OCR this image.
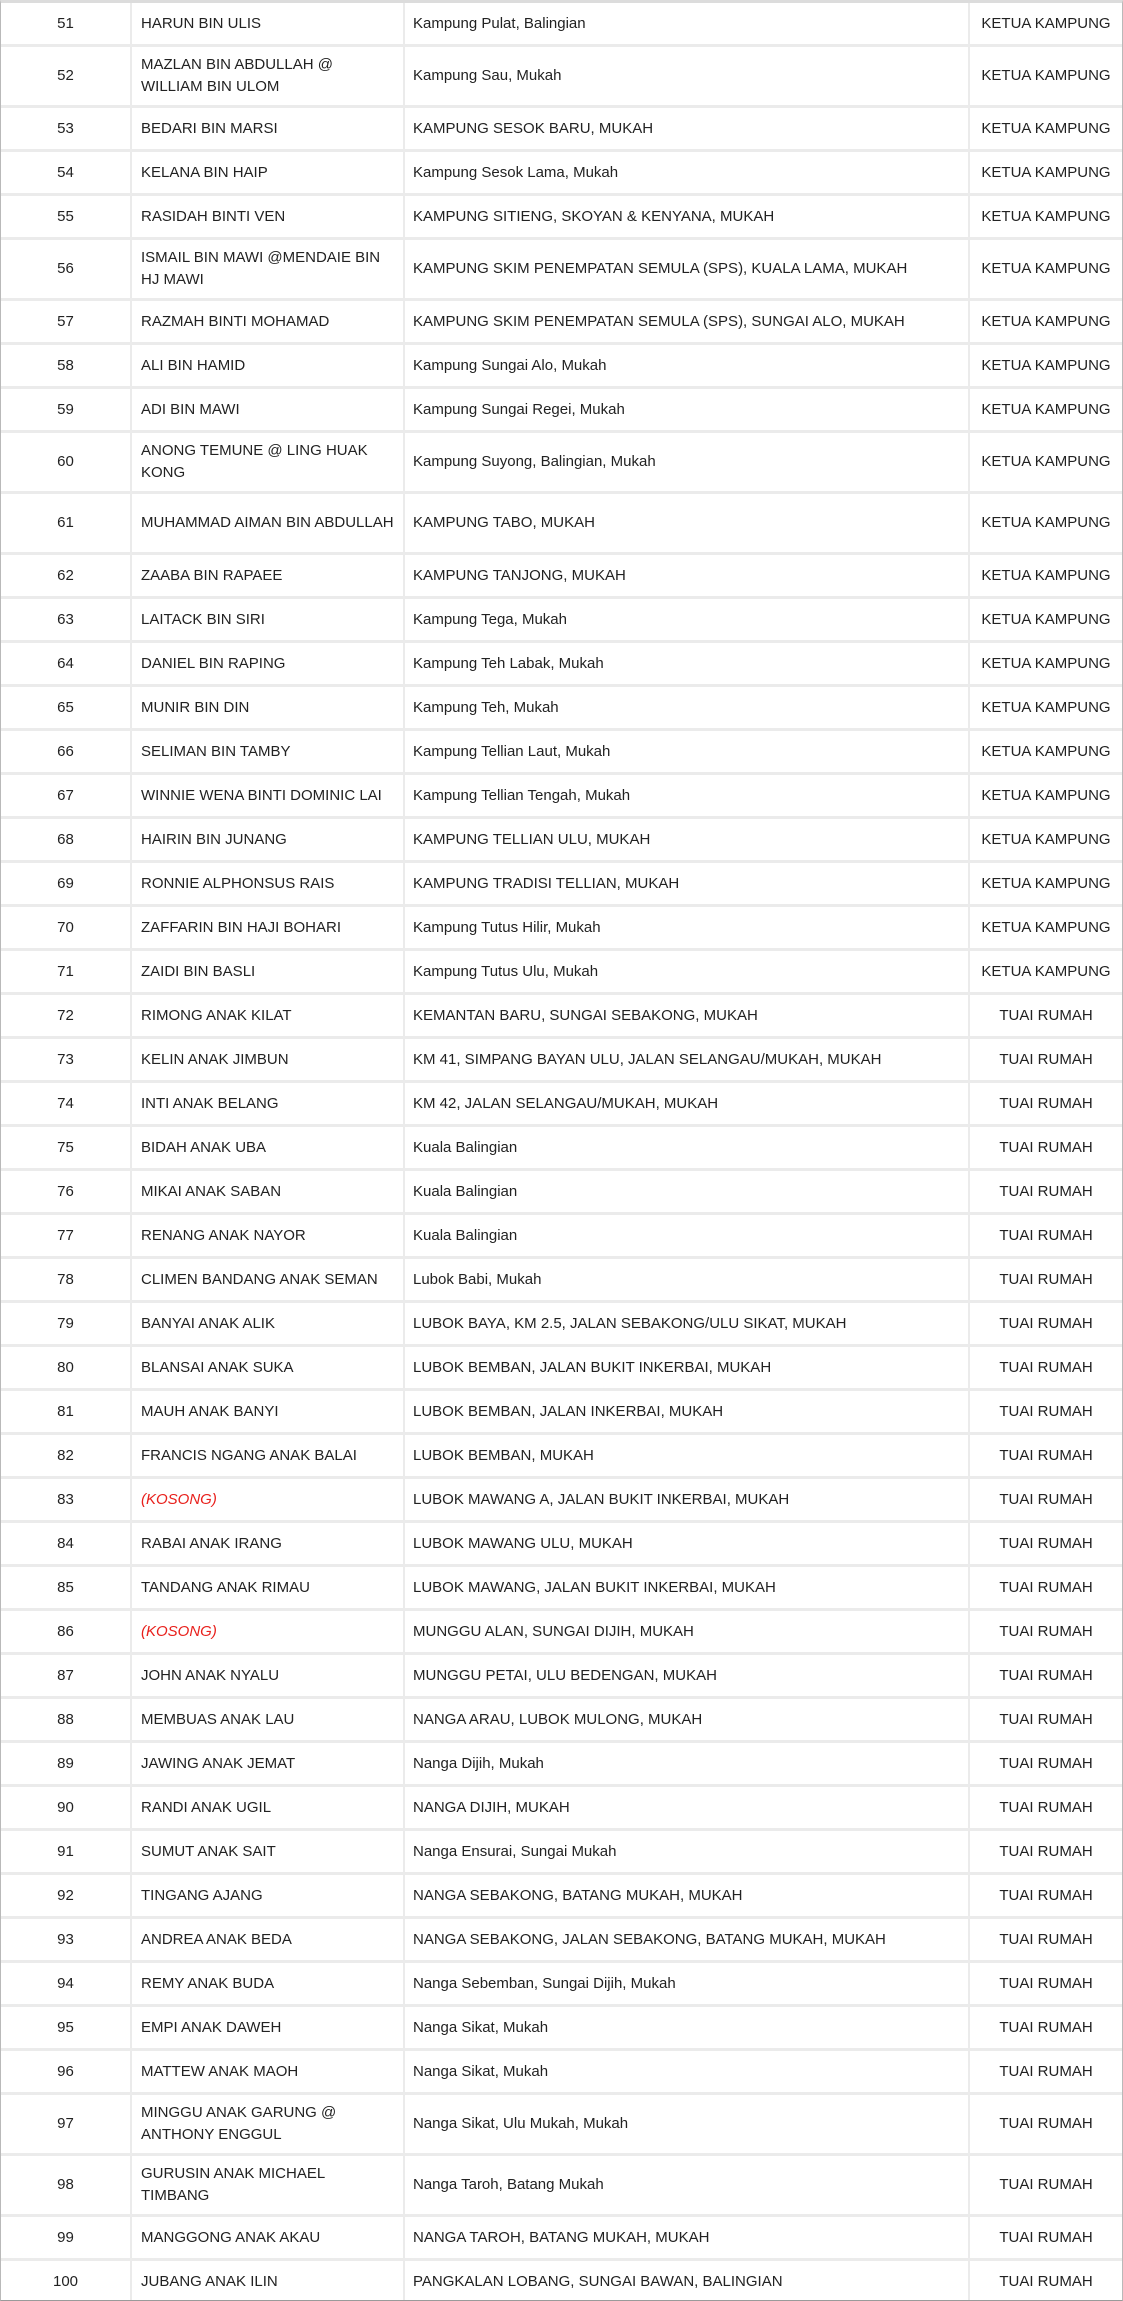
51	HARUN BIN ULIS	Kampung Pulat, Balingian	KETUA KAMPUNG
52	MAZLAN BIN ABDULLAH @ WILLIAM BIN ULOM	Kampung Sau, Mukah	KETUA KAMPUNG
53	BEDARI BIN MARSI	KAMPUNG SESOK BARU, MUKAH	KETUA KAMPUNG
54	KELANA BIN HAIP	Kampung Sesok Lama, Mukah	KETUA KAMPUNG
55	RASIDAH BINTI VEN	KAMPUNG SITIENG, SKOYAN & KENYANA, MUKAH	KETUA KAMPUNG
56	ISMAIL BIN MAWI @MENDAIE BIN HJ MAWI	KAMPUNG SKIM PENEMPATAN SEMULA (SPS), KUALA LAMA, MUKAH	KETUA KAMPUNG
57	RAZMAH BINTI MOHAMAD	KAMPUNG SKIM PENEMPATAN SEMULA (SPS), SUNGAI ALO, MUKAH	KETUA KAMPUNG
58	ALI BIN HAMID	Kampung Sungai Alo, Mukah	KETUA KAMPUNG
59	ADI BIN MAWI	Kampung Sungai Regei, Mukah	KETUA KAMPUNG
60	ANONG TEMUNE @ LING HUAK KONG	Kampung Suyong, Balingian, Mukah	KETUA KAMPUNG
61	MUHAMMAD AIMAN BIN ABDULLAH	KAMPUNG TABO, MUKAH	KETUA KAMPUNG
62	ZAABA BIN RAPAEE	KAMPUNG TANJONG, MUKAH	KETUA KAMPUNG
63	LAITACK BIN SIRI	Kampung Tega, Mukah	KETUA KAMPUNG
64	DANIEL BIN RAPING	Kampung Teh Labak, Mukah	KETUA KAMPUNG
65	MUNIR BIN DIN	Kampung Teh, Mukah	KETUA KAMPUNG
66	SELIMAN BIN TAMBY	Kampung Tellian Laut, Mukah	KETUA KAMPUNG
67	WINNIE WENA BINTI DOMINIC LAI	Kampung Tellian Tengah, Mukah	KETUA KAMPUNG
68	HAIRIN BIN JUNANG	KAMPUNG TELLIAN ULU, MUKAH	KETUA KAMPUNG
69	RONNIE ALPHONSUS RAIS	KAMPUNG TRADISI TELLIAN, MUKAH	KETUA KAMPUNG
70	ZAFFARIN BIN HAJI BOHARI	Kampung Tutus Hilir, Mukah	KETUA KAMPUNG
71	ZAIDI BIN BASLI	Kampung Tutus Ulu, Mukah	KETUA KAMPUNG
72	RIMONG ANAK KILAT	KEMANTAN BARU, SUNGAI SEBAKONG, MUKAH	TUAI RUMAH
73	KELIN ANAK JIMBUN	KM 41, SIMPANG BAYAN ULU, JALAN SELANGAU/MUKAH, MUKAH	TUAI RUMAH
74	INTI ANAK BELANG	KM 42, JALAN SELANGAU/MUKAH, MUKAH	TUAI RUMAH
75	BIDAH ANAK UBA	Kuala Balingian	TUAI RUMAH
76	MIKAI ANAK SABAN	Kuala Balingian	TUAI RUMAH
77	RENANG ANAK NAYOR	Kuala Balingian	TUAI RUMAH
78	CLIMEN BANDANG ANAK SEMAN	Lubok Babi, Mukah	TUAI RUMAH
79	BANYAI ANAK ALIK	LUBOK BAYA, KM 2.5, JALAN SEBAKONG/ULU SIKAT, MUKAH	TUAI RUMAH
80	BLANSAI ANAK SUKA	LUBOK BEMBAN, JALAN BUKIT INKERBAI, MUKAH	TUAI RUMAH
81	MAUH ANAK BANYI	LUBOK BEMBAN, JALAN INKERBAI, MUKAH	TUAI RUMAH
82	FRANCIS NGANG ANAK BALAI	LUBOK BEMBAN, MUKAH	TUAI RUMAH
83	(KOSONG)	LUBOK MAWANG A, JALAN BUKIT INKERBAI, MUKAH	TUAI RUMAH
84	RABAI ANAK IRANG	LUBOK MAWANG ULU, MUKAH	TUAI RUMAH
85	TANDANG ANAK RIMAU	LUBOK MAWANG, JALAN BUKIT INKERBAI, MUKAH	TUAI RUMAH
86	(KOSONG)	MUNGGU ALAN, SUNGAI DIJIH, MUKAH	TUAI RUMAH
87	JOHN ANAK NYALU	MUNGGU PETAI, ULU BEDENGAN, MUKAH	TUAI RUMAH
88	MEMBUAS ANAK LAU	NANGA ARAU, LUBOK MULONG, MUKAH	TUAI RUMAH
89	JAWING ANAK JEMAT	Nanga Dijih, Mukah	TUAI RUMAH
90	RANDI ANAK UGIL	NANGA DIJIH, MUKAH	TUAI RUMAH
91	SUMUT ANAK SAIT	Nanga Ensurai, Sungai Mukah	TUAI RUMAH
92	TINGANG AJANG	NANGA SEBAKONG, BATANG MUKAH, MUKAH	TUAI RUMAH
93	ANDREA ANAK BEDA	NANGA SEBAKONG, JALAN SEBAKONG, BATANG MUKAH, MUKAH	TUAI RUMAH
94	REMY ANAK BUDA	Nanga Sebemban, Sungai Dijih, Mukah	TUAI RUMAH
95	EMPI ANAK DAWEH	Nanga Sikat, Mukah	TUAI RUMAH
96	MATTEW ANAK MAOH	Nanga Sikat, Mukah	TUAI RUMAH
97	MINGGU ANAK GARUNG @ ANTHONY ENGGUL	Nanga Sikat, Ulu Mukah, Mukah	TUAI RUMAH
98	GURUSIN ANAK MICHAEL TIMBANG	Nanga Taroh, Batang Mukah	TUAI RUMAH
99	MANGGONG ANAK AKAU	NANGA TAROH, BATANG MUKAH, MUKAH	TUAI RUMAH
100	JUBANG ANAK ILIN	PANGKALAN LOBANG, SUNGAI BAWAN, BALINGIAN	TUAI RUMAH
